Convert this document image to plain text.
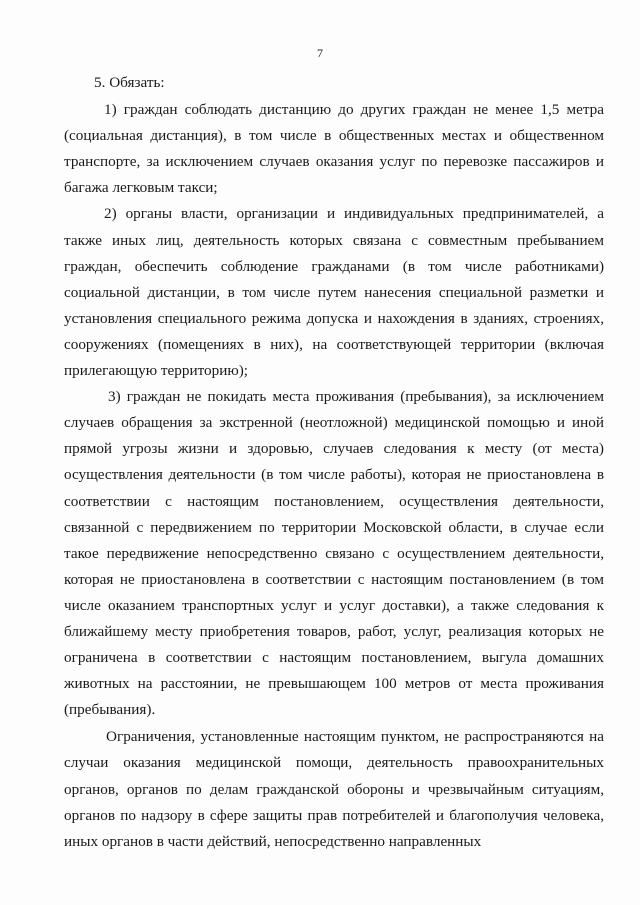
7

5. Обязать:

1) граждан соблюдать дистанцию до других граждан не менее 1,5 метра (социальная дистанция), в том числе в общественных местах и общественном транспорте, за исключением случаев оказания услуг по перевозке пассажиров и багажа легковым такси;

2) органы власти, организации и индивидуальных предпринимателей, а также иных лиц, деятельность которых связана с совместным пребыванием граждан, обеспечить соблюдение гражданами (в том числе работниками) социальной дистанции, в том числе путем нанесения специальной разметки и установления специального режима допуска и нахождения в зданиях, строениях, сооружениях (помещениях в них), на соответствующей территории (включая прилегающую территорию);

3) граждан не покидать места проживания (пребывания), за исключением случаев обращения за экстренной (неотложной) медицинской помощью и иной прямой угрозы жизни и здоровью, случаев следования к месту (от места) осуществления деятельности (в том числе работы), которая не приостановлена в соответствии с настоящим постановлением, осуществления деятельности, связанной с передвижением по территории Московской области, в случае если такое передвижение непосредственно связано с осуществлением деятельности, которая не приостановлена в соответствии с настоящим постановлением (в том числе оказанием транспортных услуг и услуг доставки), а также следования к ближайшему месту приобретения товаров, работ, услуг, реализация которых не ограничена в соответствии с настоящим постановлением, выгула домашних животных на расстоянии, не превышающем 100 метров от места проживания (пребывания).

Ограничения, установленные настоящим пунктом, не распространяются на случаи оказания медицинской помощи, деятельность правоохранительных органов, органов по делам гражданской обороны и чрезвычайным ситуациям, органов по надзору в сфере защиты прав потребителей и благополучия человека, иных органов в части действий, непосредственно направленных
